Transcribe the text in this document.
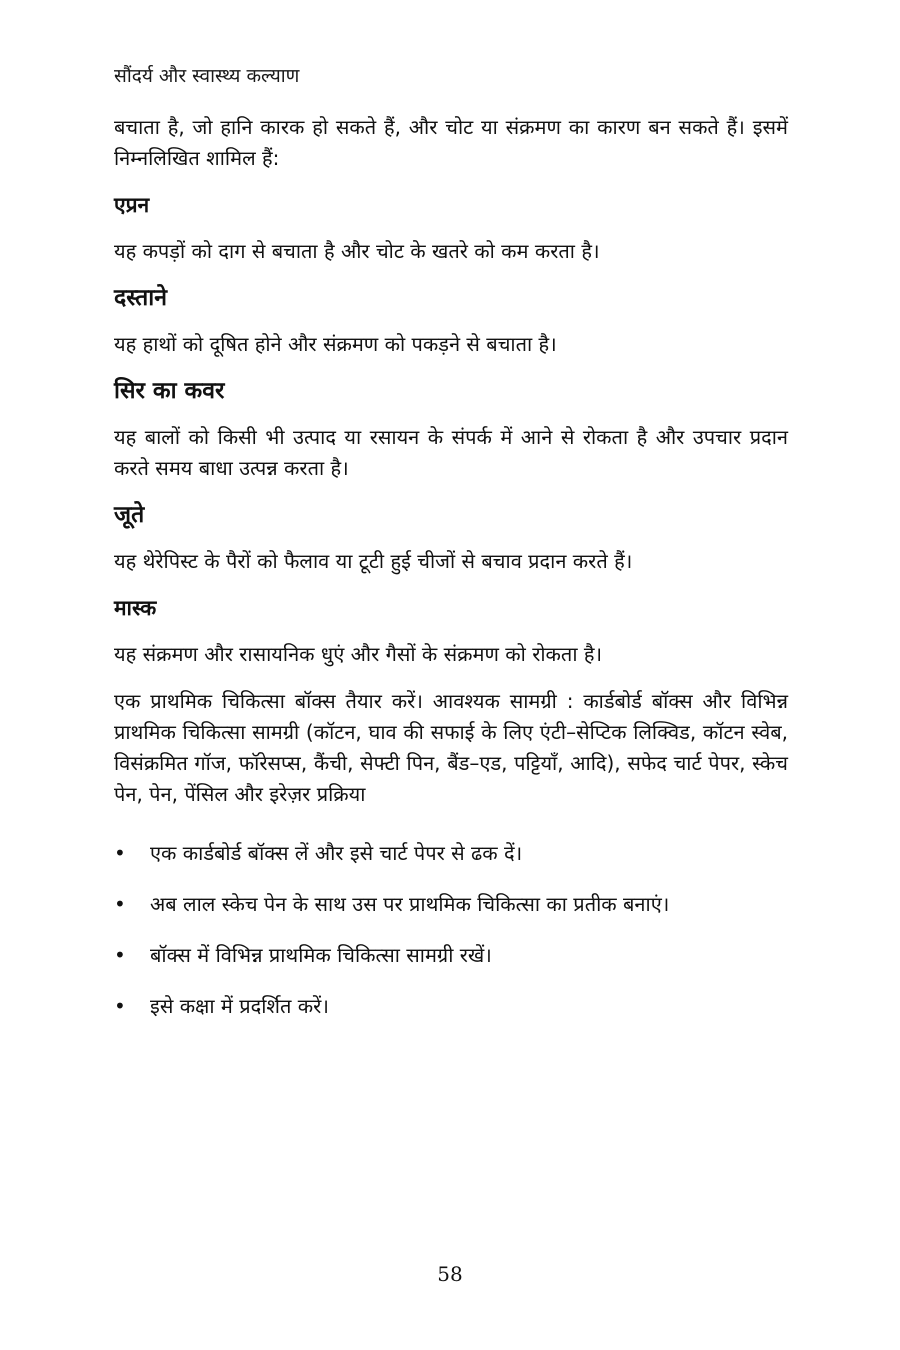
सौंदर्य और स्वास्थ्य कल्याण

बचाता है, जो हानि कारक हो सकते हैं, और चोट या संक्रमण का कारण बन सकते हैं। इसमें निम्नलिखित शामिल हैं:

एप्रन

यह कपड़ों को दाग से बचाता है और चोट के खतरे को कम करता है।

दस्ताने

यह हाथों को दूषित होने और संक्रमण को पकड़ने से बचाता है।

सिर का कवर

यह बालों को किसी भी उत्पाद या रसायन के संपर्क में आने से रोकता है और उपचार प्रदान करते समय बाधा उत्पन्न करता है।

जूते

यह थेरेपिस्ट के पैरों को फैलाव या टूटी हुई चीजों से बचाव प्रदान करते हैं।

मास्क

यह संक्रमण और रासायनिक धुएं और गैसों के संक्रमण को रोकता है।

एक प्राथमिक चिकित्सा बॉक्स तैयार करें। आवश्यक सामग्री : कार्डबोर्ड बॉक्स और विभिन्न प्राथमिक चिकित्सा सामग्री (कॉटन, घाव की सफाई के लिए एंटी–सेप्टिक लिक्विड, कॉटन स्वेब, विसंक्रमित गॉज, फॉरेसप्स, कैंची, सेफ्टी पिन, बैंड–एड, पट्टियाँ, आदि), सफेद चार्ट पेपर, स्केच पेन, पेन, पेंसिल और इरेज़र प्रक्रिया

• एक कार्डबोर्ड बॉक्स लें और इसे चार्ट पेपर से ढक दें।
• अब लाल स्केच पेन के साथ उस पर प्राथमिक चिकित्सा का प्रतीक बनाएं।
• बॉक्स में विभिन्न प्राथमिक चिकित्सा सामग्री रखें।
• इसे कक्षा में प्रदर्शित करें।
58
